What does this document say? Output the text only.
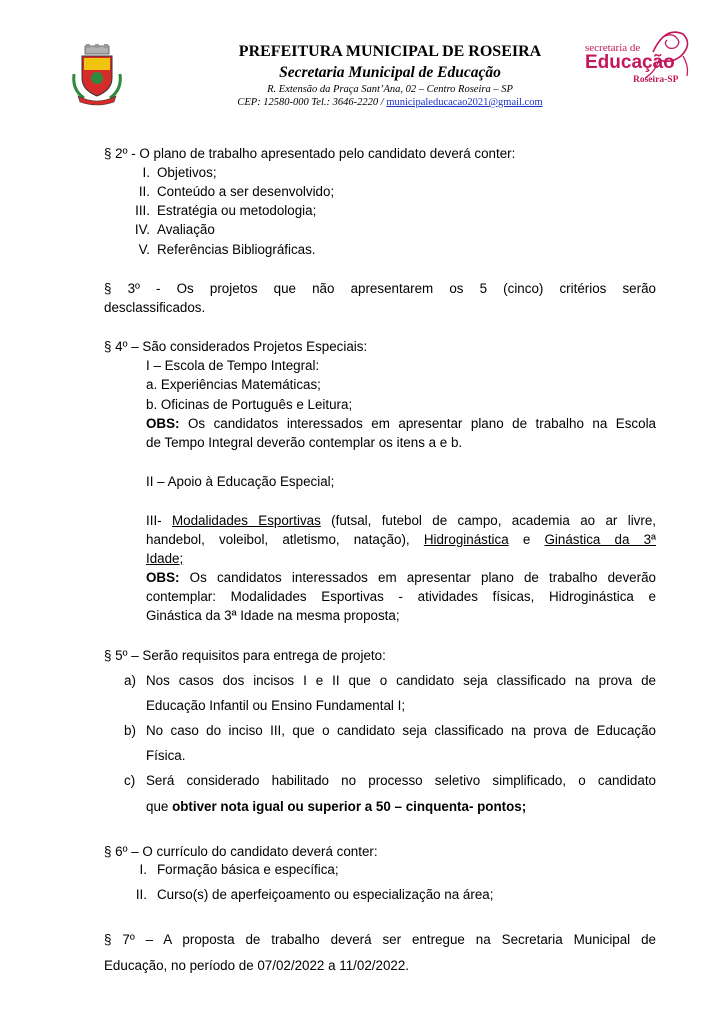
PREFEITURA MUNICIPAL DE ROSEIRA
Secretaria Municipal de Educação
R. Extensão da Praça Sant’Ana, 02 – Centro Roseira – SP
CEP: 12580-000 Tel.: 3646-2220 / municipaleducacao2021@gmail.com
secretaria de
Educação
Roseira-SP
§ 2º - O plano de trabalho apresentado pelo candidato deverá conter:
I. Objetivos;
II. Conteúdo a ser desenvolvido;
III. Estratégia ou metodologia;
IV. Avaliação
V. Referências Bibliográficas.
§ 3º - Os projetos que não apresentarem os 5 (cinco) critérios serão
desclassificados.
§ 4º – São considerados Projetos Especiais:
I – Escola de Tempo Integral:
a. Experiências Matemáticas;
b. Oficinas de Português e Leitura;
OBS: Os candidatos interessados em apresentar plano de trabalho na Escola
de Tempo Integral deverão contemplar os itens a e b.
II – Apoio à Educação Especial;
III- Modalidades Esportivas (futsal, futebol de campo, academia ao ar livre,
handebol, voleibol, atletismo, natação), Hidroginástica e Ginástica da 3ª
Idade;
OBS: Os candidatos interessados em apresentar plano de trabalho deverão
contemplar: Modalidades Esportivas - atividades físicas, Hidroginástica e
Ginástica da 3ª Idade na mesma proposta;
§ 5º – Serão requisitos para entrega de projeto:
a) Nos casos dos incisos I e II que o candidato seja classificado na prova de
Educação Infantil ou Ensino Fundamental I;
b) No caso do inciso III, que o candidato seja classificado na prova de Educação
Física.
c) Será considerado habilitado no processo seletivo simplificado, o candidato
que obtiver nota igual ou superior a 50 – cinquenta- pontos;
§ 6º – O currículo do candidato deverá conter:
I. Formação básica e específica;
II. Curso(s) de aperfeiçoamento ou especialização na área;
§ 7º – A proposta de trabalho deverá ser entregue na Secretaria Municipal de
Educação, no período de 07/02/2022 a 11/02/2022.
